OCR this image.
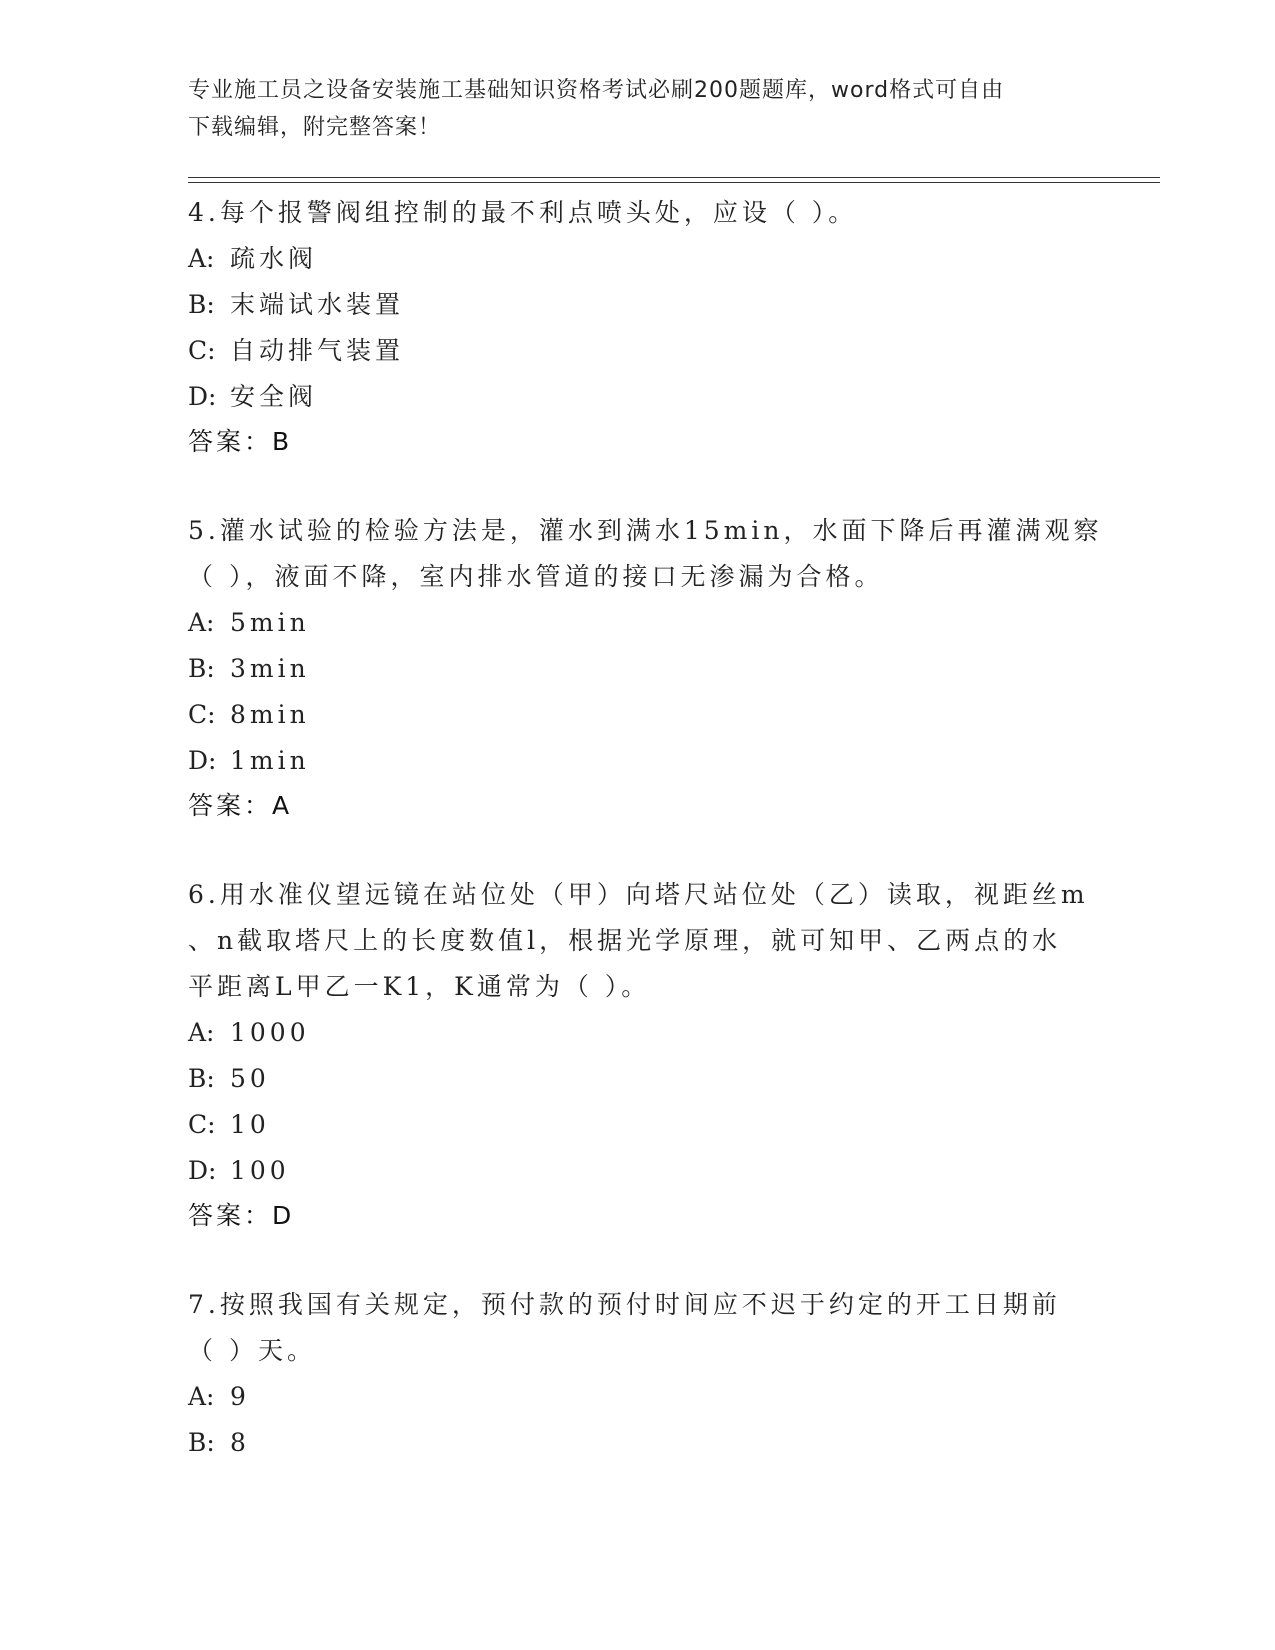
专业施工员之设备安装施工基础知识资格考试必刷200题题库，word格式可自由
下载编辑，附完整答案！
4.每个报警阀组控制的最不利点喷头处，应设（ ）。
A: 疏水阀
B: 末端试水装置
C: 自动排气装置
D: 安全阀
答案：B
5.灌水试验的检验方法是，灌水到满水15min，水面下降后再灌满观察
（ ），液面不降，室内排水管道的接口无渗漏为合格。
A: 5min
B: 3min
C: 8min
D: 1min
答案：A
6.用水准仪望远镜在站位处（甲）向塔尺站位处（乙）读取，视距丝m
、n截取塔尺上的长度数值l，根据光学原理，就可知甲、乙两点的水
平距离L甲乙一K1，K通常为（ ）。
A: 1000
B: 50
C: 10
D: 100
答案：D
7.按照我国有关规定，预付款的预付时间应不迟于约定的开工日期前
（ ）天。
A: 9
B: 8
